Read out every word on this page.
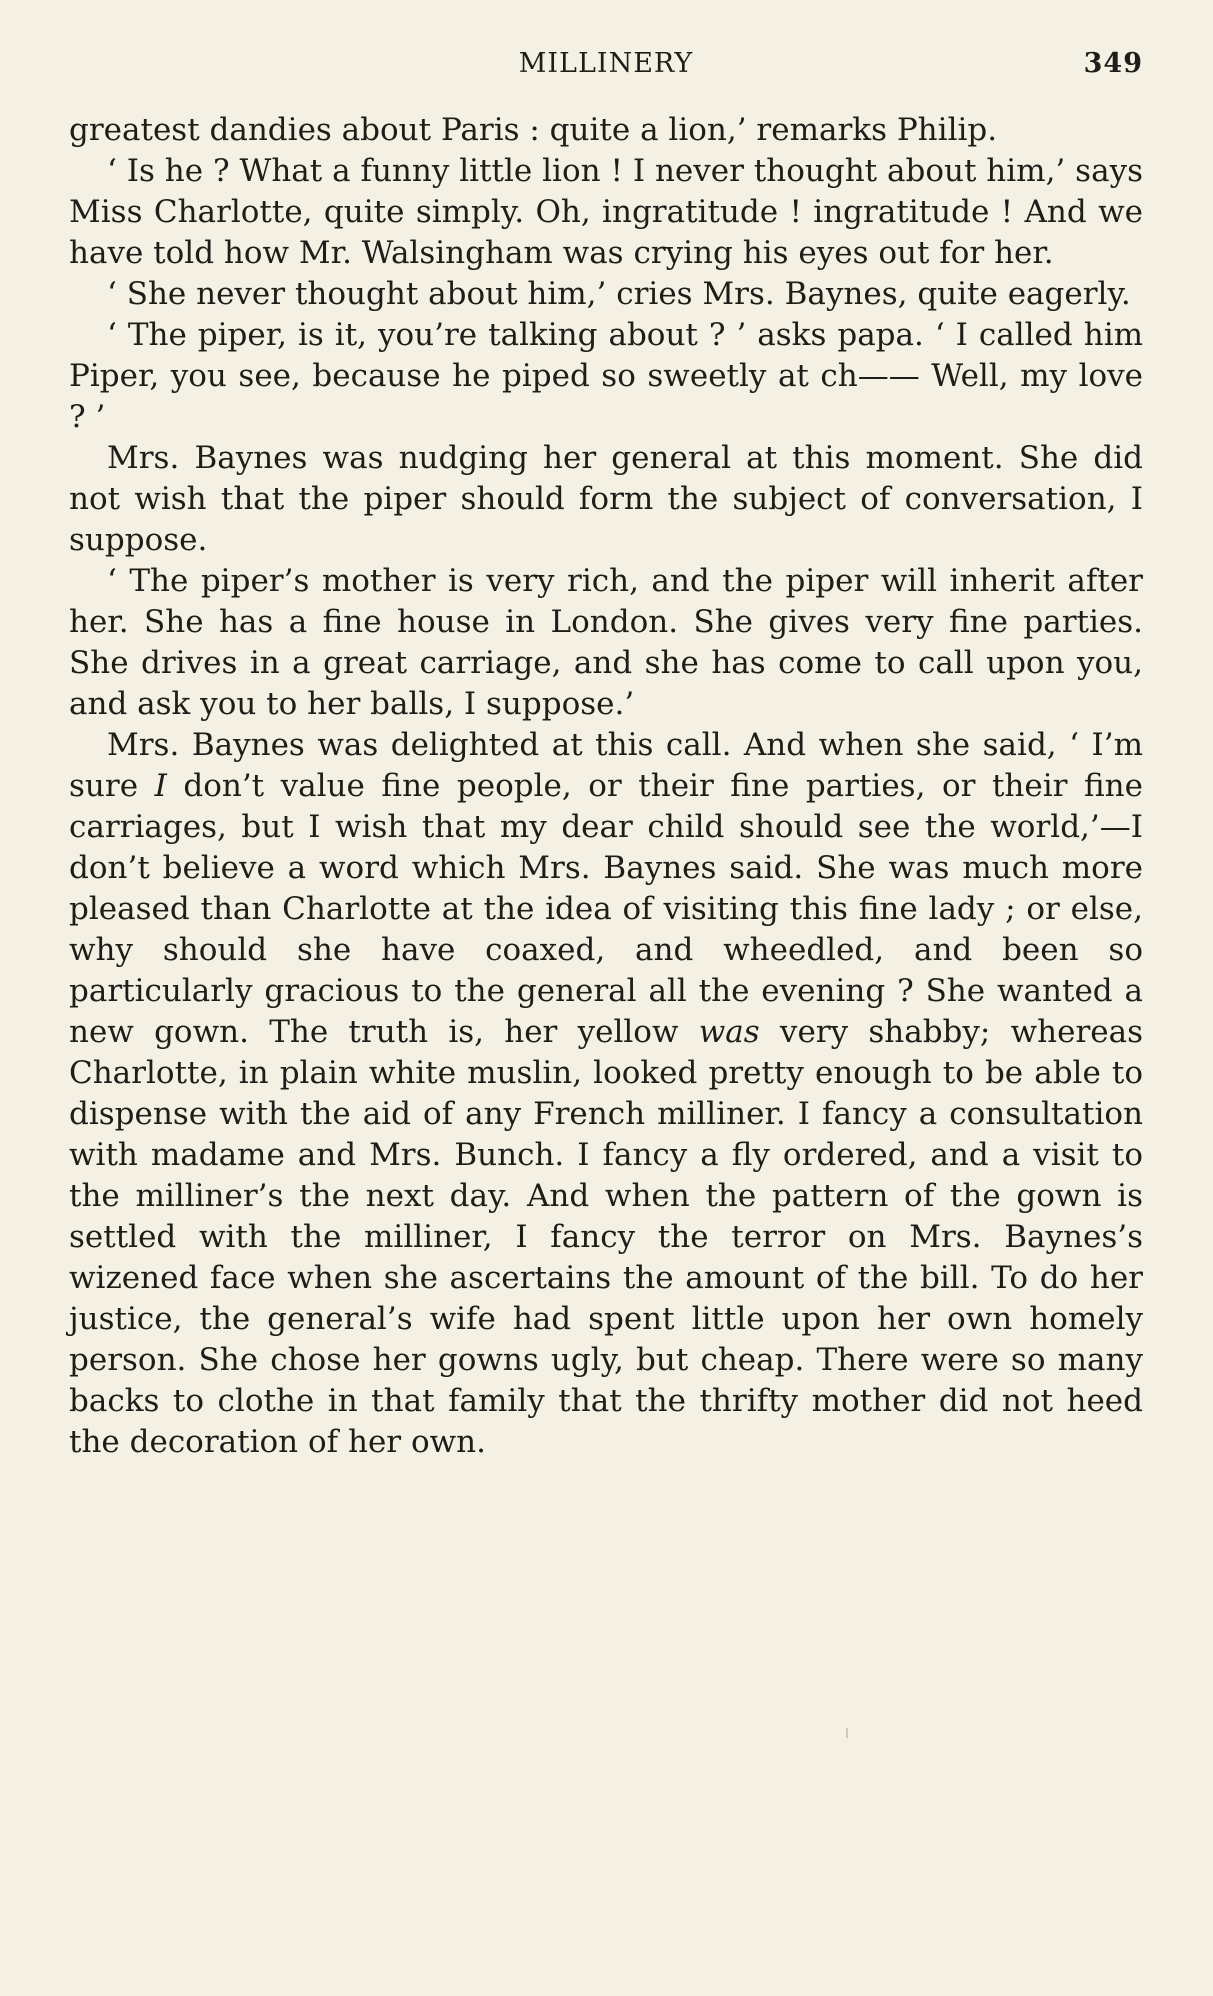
MILLINERY	349

greatest dandies about Paris : quite a lion,’ remarks Philip.

‘ Is he ? What a funny little lion ! I never thought about him,’ says Miss Charlotte, quite simply. Oh, ingratitude ! ingratitude ! And we have told how Mr. Walsingham was crying his eyes out for her.

‘ She never thought about him,’ cries Mrs. Baynes, quite eagerly.

‘ The piper, is it, you’re talking about ? ’ asks papa. ‘ I called him Piper, you see, because he piped so sweetly at ch—— Well, my love ? ’

Mrs. Baynes was nudging her general at this moment. She did not wish that the piper should form the subject of conversation, I suppose.

‘ The piper’s mother is very rich, and the piper will inherit after her. She has a fine house in London. She gives very fine parties. She drives in a great carriage, and she has come to call upon you, and ask you to her balls, I suppose.’

Mrs. Baynes was delighted at this call. And when she said, ‘ I’m sure I don’t value fine people, or their fine parties, or their fine carriages, but I wish that my dear child should see the world,’—I don’t believe a word which Mrs. Baynes said. She was much more pleased than Charlotte at the idea of visiting this fine lady ; or else, why should she have coaxed, and wheedled, and been so particularly gracious to the general all the evening ? She wanted a new gown. The truth is, her yellow was very shabby; whereas Charlotte, in plain white muslin, looked pretty enough to be able to dispense with the aid of any French milliner. I fancy a consultation with madame and Mrs. Bunch. I fancy a fly ordered, and a visit to the milliner’s the next day. And when the pattern of the gown is settled with the milliner, I fancy the terror on Mrs. Baynes’s wizened face when she ascertains the amount of the bill. To do her justice, the general’s wife had spent little upon her own homely person. She chose her gowns ugly, but cheap. There were so many backs to clothe in that family that the thrifty mother did not heed the decoration of her own.
